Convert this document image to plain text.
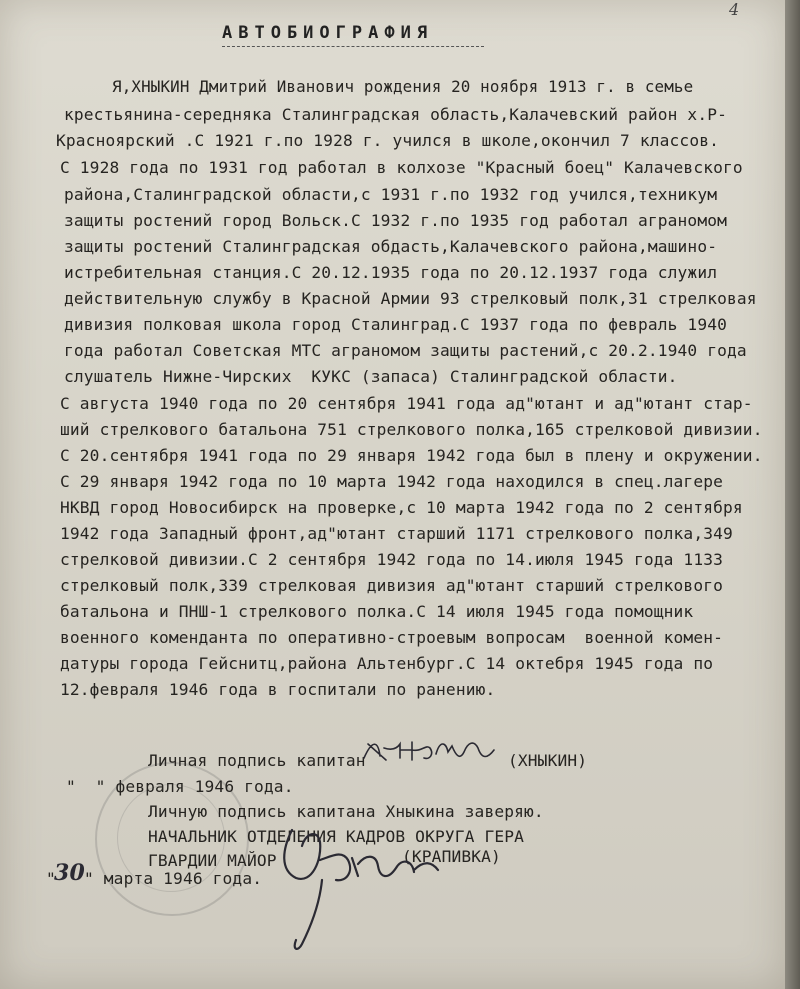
4
АВТОБИОГРАФИЯ
Я,ХНЫКИН Дмитрий Иванович рождения 20 ноября 1913 г. в семье
крестьянина-середняка Сталинградская область,Калачевский район х.Р-
Красноярский .С 1921 г.по 1928 г. учился в школе,окончил 7 классов.
С 1928 года по 1931 год работал в колхозе "Красный боец" Калачевского
района,Сталинградской области,с 1931 г.по 1932 год учился,техникум
защиты ростений город Вольск.С 1932 г.по 1935 год работал аграномом
защиты ростений Сталинградская обдасть,Калачевского района,машино-
истребительная станция.С 20.12.1935 года по 20.12.1937 года служил
действительную службу в Красной Армии 93 стрелковый полк,31 стрелковая
дивизия полковая школа город Сталинград.С 1937 года по февраль 1940
года работал Советская МТС аграномом защиты растений,с 20.2.1940 года
слушатель Нижне-Чирских  КУКС (запаса) Сталинградской области.
С августа 1940 года по 20 сентября 1941 года ад"ютант и ад"ютант стар-
ший стрелкового батальона 751 стрелкового полка,165 стрелковой дивизии.
С 20.сентября 1941 года по 29 января 1942 года был в плену и окружении.
С 29 января 1942 года по 10 марта 1942 года находился в спец.лагере
НКВД город Новосибирск на проверке,с 10 марта 1942 года по 2 сентября
1942 года Западный фронт,ад"ютант старший 1171 стрелкового полка,349
стрелковой дивизии.С 2 сентября 1942 года по 14.июля 1945 года 1133
стрелковый полк,339 стрелковая дивизия ад"ютант старший стрелкового
батальона и ПНШ-1 стрелкового полка.С 14 июля 1945 года помощник
военного коменданта по оперативно-строевым вопросам  военной комен-
датуры города Гейснитц,района Альтенбург.С 14 октебря 1945 года по
12.февраля 1946 года в госпитали по ранению.
Личная подпись капитан	(ХНЫКИН)
"  " февраля 1946 года.
Личную подпись капитана Хныкина заверяю.
НАЧАЛЬНИК ОТДЕЛЕНИЯ КАДРОВ ОКРУГА ГЕРА
ГВАРДИИ МАЙОР	(КРАПИВКА)
"
30 " марта 1946 года.
